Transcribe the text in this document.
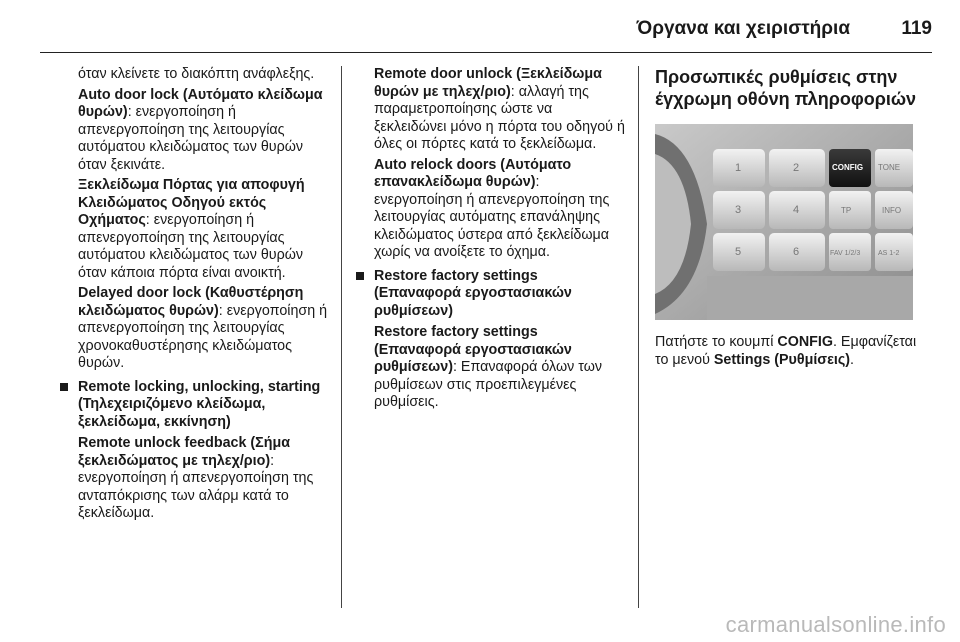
Όργανα και χειριστήρια	119

όταν κλείνετε το διακόπτη ανάφλεξης.

Auto door lock (Αυτόματο κλείδωμα θυρών): ενεργοποίηση ή απενεργοποίηση της λειτουργίας αυτόματου κλειδώματος των θυρών όταν ξεκινάτε.

Ξεκλείδωμα Πόρτας για αποφυγή Κλειδώματος Οδηγού εκτός Οχήματος: ενεργοποίηση ή απενεργοποίηση της λειτουργίας αυτόματου κλειδώματος των θυρών όταν κάποια πόρτα είναι ανοικτή.

Delayed door lock (Καθυστέρηση κλειδώματος θυρών): ενεργοποίηση ή απενεργοποίηση της λειτουργίας χρονοκαθυστέρησης κλειδώματος θυρών.

Remote locking, unlocking, starting (Τηλεχειριζόμενο κλείδωμα, ξεκλείδωμα, εκκίνηση)

Remote unlock feedback (Σήμα ξεκλειδώματος με τηλεχ/ριο): ενεργοποίηση ή απενεργοποίηση της ανταπόκρισης των αλάρμ κατά το ξεκλείδωμα.

Remote door unlock (Ξεκλείδωμα θυρών με τηλεχ/ριο): αλλαγή της παραμετροποίησης ώστε να ξεκλειδώνει μόνο η πόρτα του οδηγού ή όλες οι πόρτες κατά το ξεκλείδωμα.

Auto relock doors (Αυτόματο επανακλείδωμα θυρών): ενεργοποίηση ή απενεργοποίηση της λειτουργίας αυτόματης επανάληψης κλειδώματος ύστερα από ξεκλείδωμα χωρίς να ανοίξετε το όχημα.

Restore factory settings (Επαναφορά εργοστασιακών ρυθμίσεων)

Restore factory settings (Επαναφορά εργοστασιακών ρυθμίσεων): Επαναφορά όλων των ρυθμίσεων στις προεπιλεγμένες ρυθμίσεις.

Προσωπικές ρυθμίσεις στην έγχρωμη οθόνη πληροφοριών
1	2
3	4
5	6
CONFIG TONE
TP	INFO
FAV 1/2/3	AS 1-2

Πατήστε το κουμπί CONFIG. Εμφανίζεται το μενού Settings (Ρυθμίσεις).

carmanualsonline.info
